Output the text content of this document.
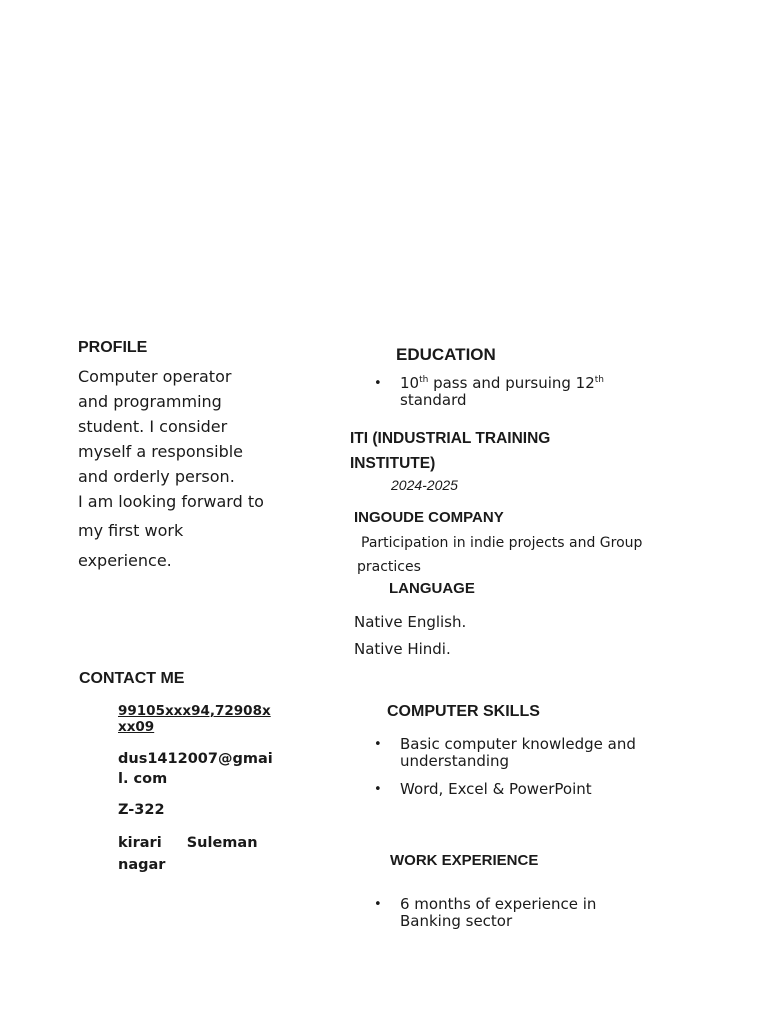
PROFILE
Computer operator
and programming
student. I consider
myself a responsible
and orderly person.
I am looking forward to
my first work
experience.
CONTACT ME
99105xxx94,72908x
xx09
dus1412007@gmai
l. com
Z-322
kirari Suleman
nagar
EDUCATION
• 10th pass and pursuing 12th
standard
ITI (INDUSTRIAL TRAINING
INSTITUTE)
2024-2025
INGOUDE COMPANY
Participation in indie projects and Group
practices
LANGUAGE
Native English.
Native Hindi.
COMPUTER SKILLS
• Basic computer knowledge and
understanding
• Word, Excel & PowerPoint
WORK EXPERIENCE
• 6 months of experience in
Banking sector
